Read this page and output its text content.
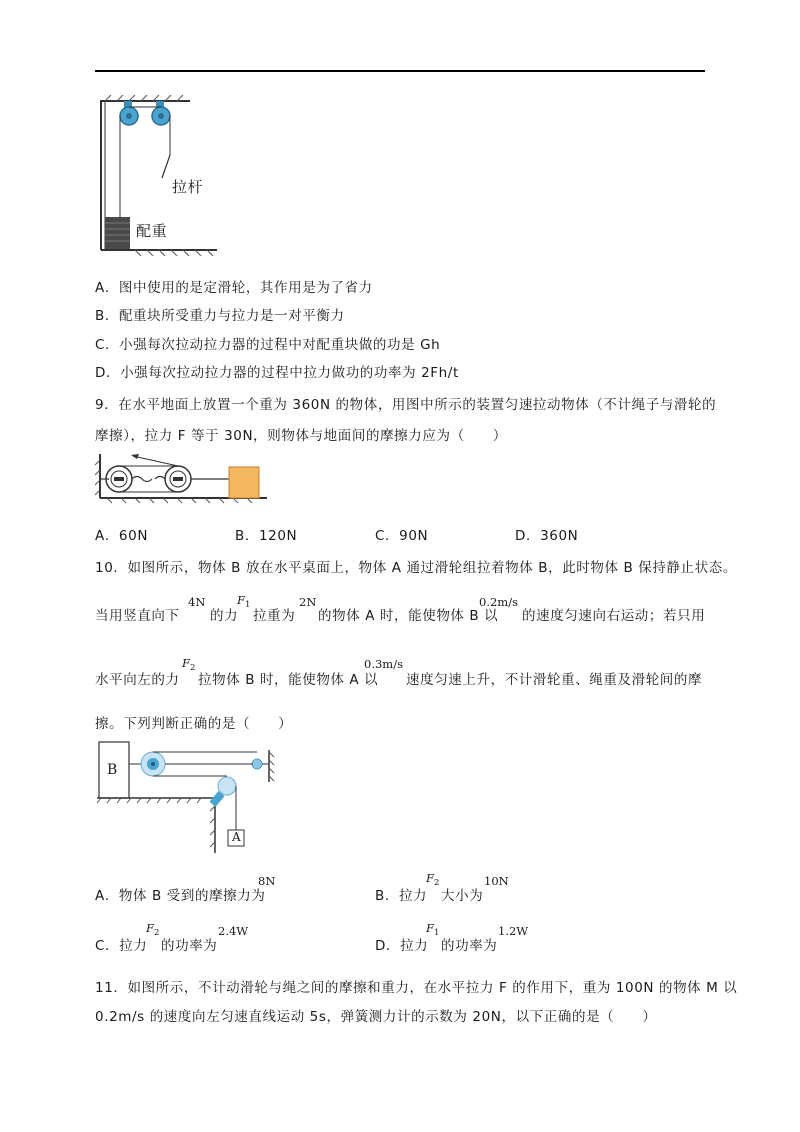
拉杆
配重
A．图中使用的是定滑轮，其作用是为了省力
B．配重块所受重力与拉力是一对平衡力
C．小强每次拉动拉力器的过程中对配重块做的功是 Gh
D．小强每次拉动拉力器的过程中拉力做功的功率为 2Fh/t
9．在水平地面上放置一个重为 360N 的物体，用图中所示的装置匀速拉动物体（不计绳子与滑轮的
摩擦），拉力 F 等于 30N，则物体与地面间的摩擦力应为（　　）
A．60N	B．120N	C．90N	D．360N
10．如图所示，物体 B 放在水平桌面上，物体 A 通过滑轮组拉着物体 B，此时物体 B 保持静止状态。
当用竖直向下
4N
的力
F 1
拉重为
2N
的物体 A 时，能使物体 B 以
0.2m/s
的速度匀速向右运动；若只用
水平向左的力
F 2
拉物体 B 时，能使物体 A 以
0.3m/s
速度匀速上升，不计滑轮重、绳重及滑轮间的摩
擦。下列判断正确的是（　　）
B
A
A．物体 B 受到的摩擦力为
8N
B．拉力
F 2
大小为
10N
C．拉力
F 2
的功率为
2.4W
D．拉力
F 1
的功率为
1.2W
11．如图所示，不计动滑轮与绳之间的摩擦和重力，在水平拉力 F 的作用下，重为 100N 的物体 M 以
0.2m/s 的速度向左匀速直线运动 5s，弹簧测力计的示数为 20N，以下正确的是（　　）
